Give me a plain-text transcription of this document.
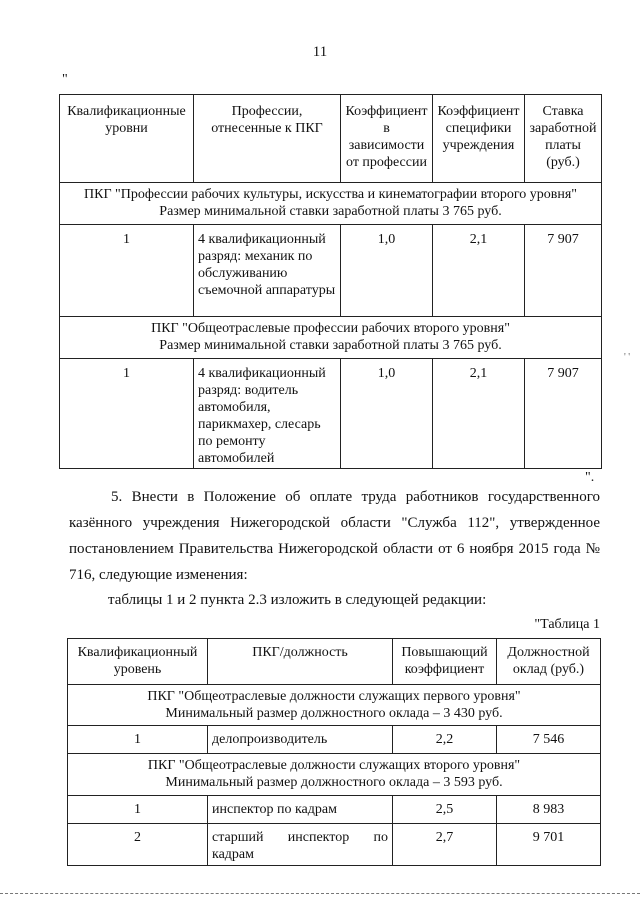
11
"
' '
Квалификационные уровни	Профессии, отнесенные к ПКГ	Коэффициент в зависимости от профессии	Коэффициент специфики учреждения	Ставка заработной платы (руб.)

ПКГ "Профессии рабочих культуры, искусства и кинематографии второго уровня"
Размер минимальной ставки заработной платы 3 765 руб.				

1	4 квалификационный разряд: механик по обслуживанию съемочной аппаратуры	1,0	2,1	7 907

ПКГ "Общеотраслевые профессии рабочих второго уровня"
Размер минимальной ставки заработной платы 3 765 руб.				

1	4 квалификационный разряд: водитель автомобиля, парикмахер, слесарь по ремонту автомобилей	1,0	2,1	7 907
".

5. Внести в Положение об оплате труда работников государственного казённого учреждения Нижегородской области "Служба 112", утвержденное постановлением Правительства Нижегородской области от 6 ноября 2015 года № 716, следующие изменения:

таблицы 1 и 2 пункта 2.3 изложить в следующей редакции:

"Таблица 1
Квалификационный уровень	ПКГ/должность	Повышающий коэффициент	Должностной оклад (руб.)

ПКГ "Общеотраслевые должности служащих первого уровня"
Минимальный размер должностного оклада – 3 430 руб.			

1	делопроизводитель	2,2	7 546

ПКГ "Общеотраслевые должности служащих второго уровня"
Минимальный размер должностного оклада – 3 593 руб.			

1	инспектор по кадрам	2,5	8 983
2	старший инспектор по кадрам	2,7	9 701
